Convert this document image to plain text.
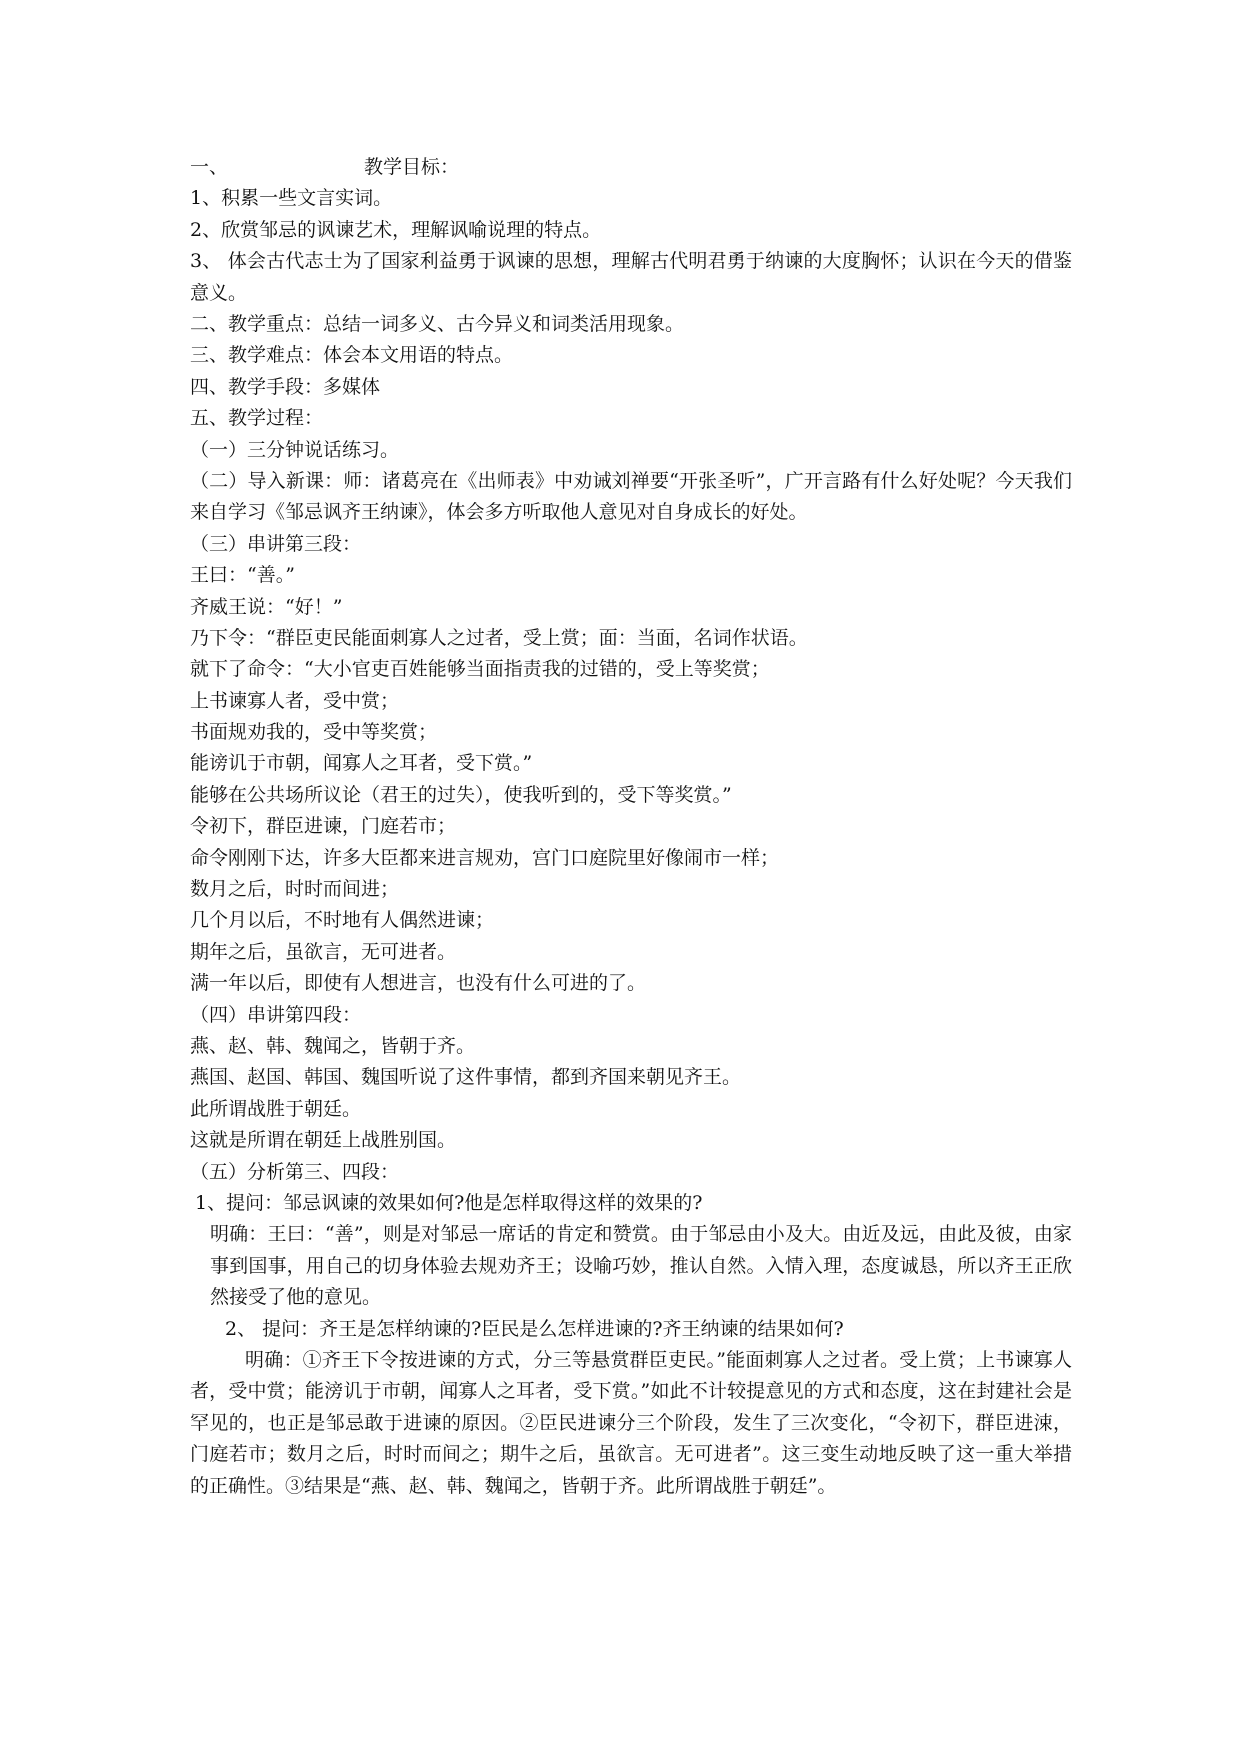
一、	教学目标：
1、积累一些文言实词。
2、欣赏邹忌的讽谏艺术，理解讽喻说理的特点。
3、 体会古代志士为了国家利益勇于讽谏的思想，理解古代明君勇于纳谏的大度胸怀；认识在今天的借鉴意义。
二、教学重点：总结一词多义、古今异义和词类活用现象。
三、教学难点：体会本文用语的特点。
四、教学手段：多媒体
五、教学过程：
（一）三分钟说话练习。
（二）导入新课：师：诸葛亮在《出师表》中劝诫刘禅要“开张圣听”，广开言路有什么好处呢？今天我们来自学习《邹忌讽齐王纳谏》，体会多方听取他人意见对自身成长的好处。
（三）串讲第三段：
王曰：“善。”
齐威王说：“好！”
乃下令：“群臣吏民能面刺寡人之过者，受上赏；面：当面，名词作状语。
就下了命令：“大小官吏百姓能够当面指责我的过错的，受上等奖赏；
上书谏寡人者，受中赏；
书面规劝我的，受中等奖赏；
能谤讥于市朝，闻寡人之耳者，受下赏。”
能够在公共场所议论（君王的过失），使我听到的，受下等奖赏。”
令初下，群臣进谏，门庭若市；
命令刚刚下达，许多大臣都来进言规劝，宫门口庭院里好像闹市一样；
数月之后，时时而间进；
几个月以后，不时地有人偶然进谏；
期年之后，虽欲言，无可进者。
满一年以后，即使有人想进言，也没有什么可进的了。
（四）串讲第四段：
燕、赵、韩、魏闻之，皆朝于齐。
燕国、赵国、韩国、魏国听说了这件事情，都到齐国来朝见齐王。
此所谓战胜于朝廷。
这就是所谓在朝廷上战胜别国。
（五）分析第三、四段：
1、提问：邹忌讽谏的效果如何?他是怎样取得这样的效果的?
明确：王曰：“善”，则是对邹忌一席话的肯定和赞赏。由于邹忌由小及大。由近及远，由此及彼，由家事到国事，用自己的切身体验去规劝齐王；设喻巧妙，推认自然。入情入理，态度诚恳，所以齐王正欣然接受了他的意见。
2、 提问：齐王是怎样纳谏的?臣民是么怎样进谏的?齐王纳谏的结果如何?
明确：①齐王下令按进谏的方式，分三等悬赏群臣吏民。”能面刺寡人之过者。受上赏；上书谏寡人者，受中赏；能滂讥于市朝，闻寡人之耳者，受下赏。”如此不计较提意见的方式和态度，这在封建社会是罕见的，也正是邹忌敢于进谏的原因。②臣民进谏分三个阶段，发生了三次变化，“令初下，群臣进涑，门庭若市；数月之后，时时而间之；期牛之后，虽欲言。无可进者”。这三变生动地反映了这一重大举措的正确性。③结果是“燕、赵、韩、魏闻之，皆朝于齐。此所谓战胜于朝廷”。
